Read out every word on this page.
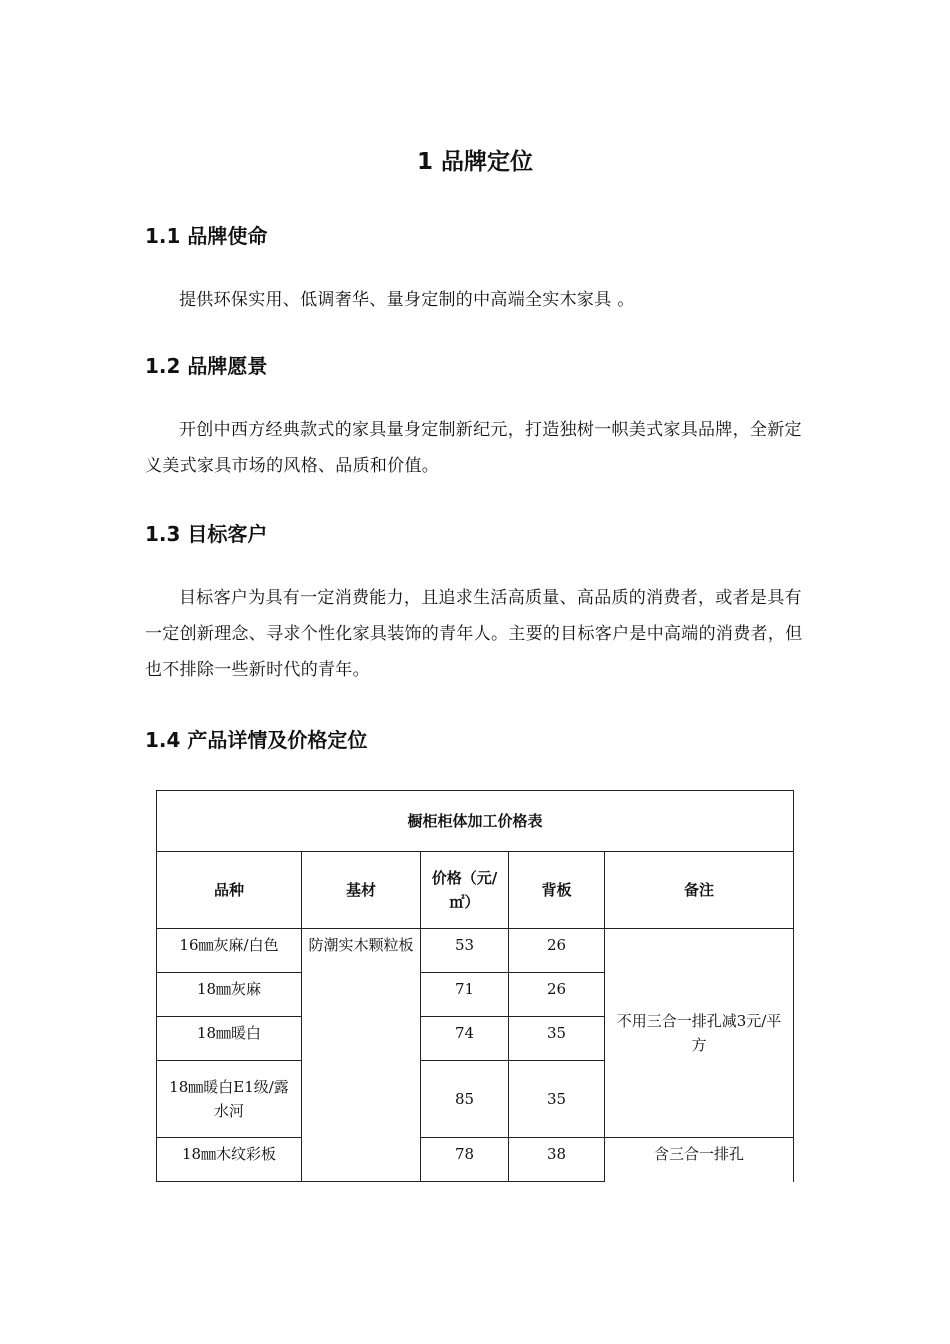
1 品牌定位
1.1 品牌使命
提供环保实用、低调奢华、量身定制的中高端全实木家具 。
1.2 品牌愿景
开创中西方经典款式的家具量身定制新纪元，打造独树一帜美式家具品牌，全新定义美式家具市场的风格、品质和价值。
1.3 目标客户
目标客户为具有一定消费能力，且追求生活高质量、高品质的消费者，或者是具有一定创新理念、寻求个性化家具装饰的青年人。主要的目标客户是中高端的消费者，但也不排除一些新时代的青年。
1.4 产品详情及价格定位
橱柜柜体加工价格表				
品种	基材	价格（元/㎡）	背板	备注
16㎜灰麻/白色	防潮实木颗粒板	53	26	不用三合一排孔减3元/平方
18㎜灰麻		71	26	
18㎜暖白		74	35	
18㎜暖白E1级/露水河		85	35	
18㎜木纹彩板		78	38	含三合一排孔
